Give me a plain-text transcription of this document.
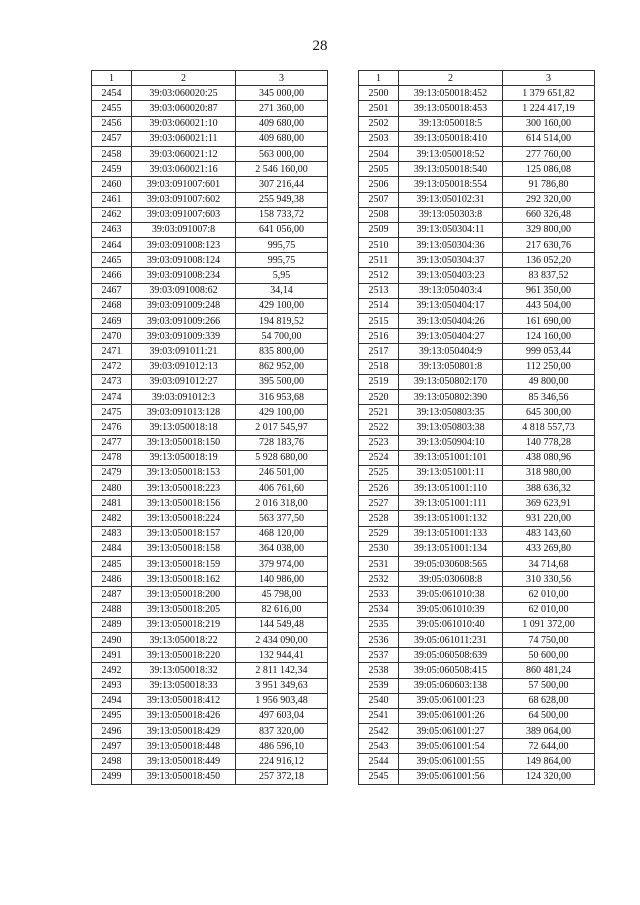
28
1	2	3
2454	39:03:060020:25	345 000,00
2455	39:03:060020:87	271 360,00
2456	39:03:060021:10	409 680,00
2457	39:03:060021:11	409 680,00
2458	39:03:060021:12	563 000,00
2459	39:03:060021:16	2 546 160,00
2460	39:03:091007:601	307 216,44
2461	39:03:091007:602	255 949,38
2462	39:03:091007:603	158 733,72
2463	39:03:091007:8	641 056,00
2464	39:03:091008:123	995,75
2465	39:03:091008:124	995,75
2466	39:03:091008:234	5,95
2467	39:03:091008:62	34,14
2468	39:03:091009:248	429 100,00
2469	39:03:091009:266	194 819,52
2470	39:03:091009:339	54 700,00
2471	39:03:091011:21	835 800,00
2472	39:03:091012:13	862 952,00
2473	39:03:091012:27	395 500,00
2474	39:03:091012:3	316 953,68
2475	39:03:091013:128	429 100,00
2476	39:13:050018:18	2 017 545,97
2477	39:13:050018:150	728 183,76
2478	39:13:050018:19	5 928 680,00
2479	39:13:050018:153	246 501,00
2480	39:13:050018:223	406 761,60
2481	39:13:050018:156	2 016 318,00
2482	39:13:050018:224	563 377,50
2483	39:13:050018:157	468 120,00
2484	39:13:050018:158	364 038,00
2485	39:13:050018:159	379 974,00
2486	39:13:050018:162	140 986,00
2487	39:13:050018:200	45 798,00
2488	39:13:050018:205	82 616,00
2489	39:13:050018:219	144 549,48
2490	39:13:050018:22	2 434 090,00
2491	39:13:050018:220	132 944,41
2492	39:13:050018:32	2 811 142,34
2493	39:13:050018:33	3 951 349,63
2494	39:13:050018:412	1 956 903,48
2495	39:13:050018:426	497 603,04
2496	39:13:050018:429	837 320,00
2497	39:13:050018:448	486 596,10
2498	39:13:050018:449	224 916,12
2499	39:13:050018:450	257 372,18
1	2	3
2500	39:13:050018:452	1 379 651,82
2501	39:13:050018:453	1 224 417,19
2502	39:13:050018:5	300 160,00
2503	39:13:050018:410	614 514,00
2504	39:13:050018:52	277 760,00
2505	39:13:050018:540	125 086,08
2506	39:13:050018:554	91 786,80
2507	39:13:050102:31	292 320,00
2508	39:13:050303:8	660 326,48
2509	39:13:050304:11	329 800,00
2510	39:13:050304:36	217 630,76
2511	39:13:050304:37	136 052,20
2512	39:13:050403:23	83 837,52
2513	39:13:050403:4	961 350,00
2514	39:13:050404:17	443 504,00
2515	39:13:050404:26	161 690,00
2516	39:13:050404:27	124 160,00
2517	39:13:050404:9	999 053,44
2518	39:13:050801:8	112 250,00
2519	39:13:050802:170	49 800,00
2520	39:13:050802:390	85 346,56
2521	39:13:050803:35	645 300,00
2522	39:13:050803:38	4 818 557,73
2523	39:13:050904:10	140 778,28
2524	39:13:051001:101	438 080,96
2525	39:13:051001:11	318 980,00
2526	39:13:051001:110	388 636,32
2527	39:13:051001:111	369 623,91
2528	39:13:051001:132	931 220,00
2529	39:13:051001:133	483 143,60
2530	39:13:051001:134	433 269,80
2531	39:05:030608:565	34 714,68
2532	39:05:030608:8	310 330,56
2533	39:05:061010:38	62 010,00
2534	39:05:061010:39	62 010,00
2535	39:05:061010:40	1 091 372,00
2536	39:05:061011:231	74 750,00
2537	39:05:060508:639	50 600,00
2538	39:05:060508:415	860 481,24
2539	39:05:060603:138	57 500,00
2540	39:05:061001:23	68 628,00
2541	39:05:061001:26	64 500,00
2542	39:05:061001:27	389 064,00
2543	39:05:061001:54	72 644,00
2544	39:05:061001:55	149 864,00
2545	39:05:061001:56	124 320,00
